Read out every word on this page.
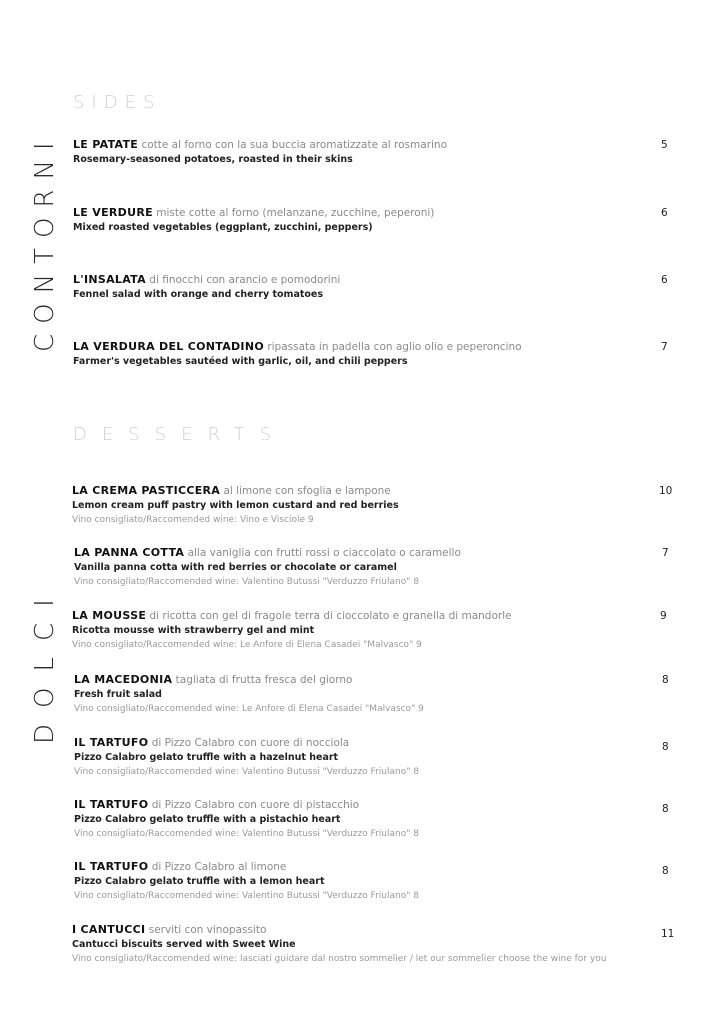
SIDES
CONTORNI LE PATATE cotte al forno con la sua buccia aromatizzate al rosmarino
Rosemary-seasoned potatoes, roasted in their skins
5
LE VERDURE miste cotte al forno (melanzane, zucchine, peperoni)
Mixed roasted vegetables (eggplant, zucchini, peppers)
6
L'INSALATA di finocchi con arancio e pomodorini
Fennel salad with orange and cherry tomatoes
6
LA VERDURA DEL CONTADINO ripassata in padella con aglio olio e peperoncino
Farmer's vegetables sautéed with garlic, oil, and chili peppers
7
DESSERTS
DOLCI
LA CREMA PASTICCERA al limone con sfoglia e lampone
Lemon cream puff pastry with lemon custard and red berries
Vino consigliato/Raccomended wine: Vino e Visciole 9
10
LA PANNA COTTA alla vaniglia con frutti rossi o ciaccolato o caramello
Vanilla panna cotta with red berries or chocolate or caramel
Vino consigliato/Raccomended wine: Valentino Butussi "Verduzzo Friulano" 8
7
LA MOUSSE di ricotta con gel di fragole terra di cioccolato e granella di mandorle
Ricotta mousse with strawberry gel and mint
Vino consigliato/Raccomended wine: Le Anfore di Elena Casadei "Malvasco" 9
9
LA MACEDONIA tagliata di frutta fresca del giorno
Fresh fruit salad
Vino consigliato/Raccomended wine: Le Anfore di Elena Casadei "Malvasco" 9
8
IL TARTUFO di Pizzo Calabro con cuore di nocciola
Pizzo Calabro gelato truffle with a hazelnut heart
Vino consigliato/Raccomended wine: Valentino Butussi "Verduzzo Friulano" 8
8
IL TARTUFO di Pizzo Calabro con cuore di pistacchio
Pizzo Calabro gelato truffle with a pistachio heart
Vino consigliato/Raccomended wine: Valentino Butussi "Verduzzo Friulano" 8
8
IL TARTUFO di Pizzo Calabro al limone
Pizzo Calabro gelato truffle with a lemon heart
Vino consigliato/Raccomended wine: Valentino Butussi "Verduzzo Friulano" 8
8
I CANTUCCI serviti con vinopassito
Cantucci biscuits served with Sweet Wine
Vino consigliato/Raccomended wine: lasciati guidare dal nostro sommelier / let our sommelier choose the wine for you
11
